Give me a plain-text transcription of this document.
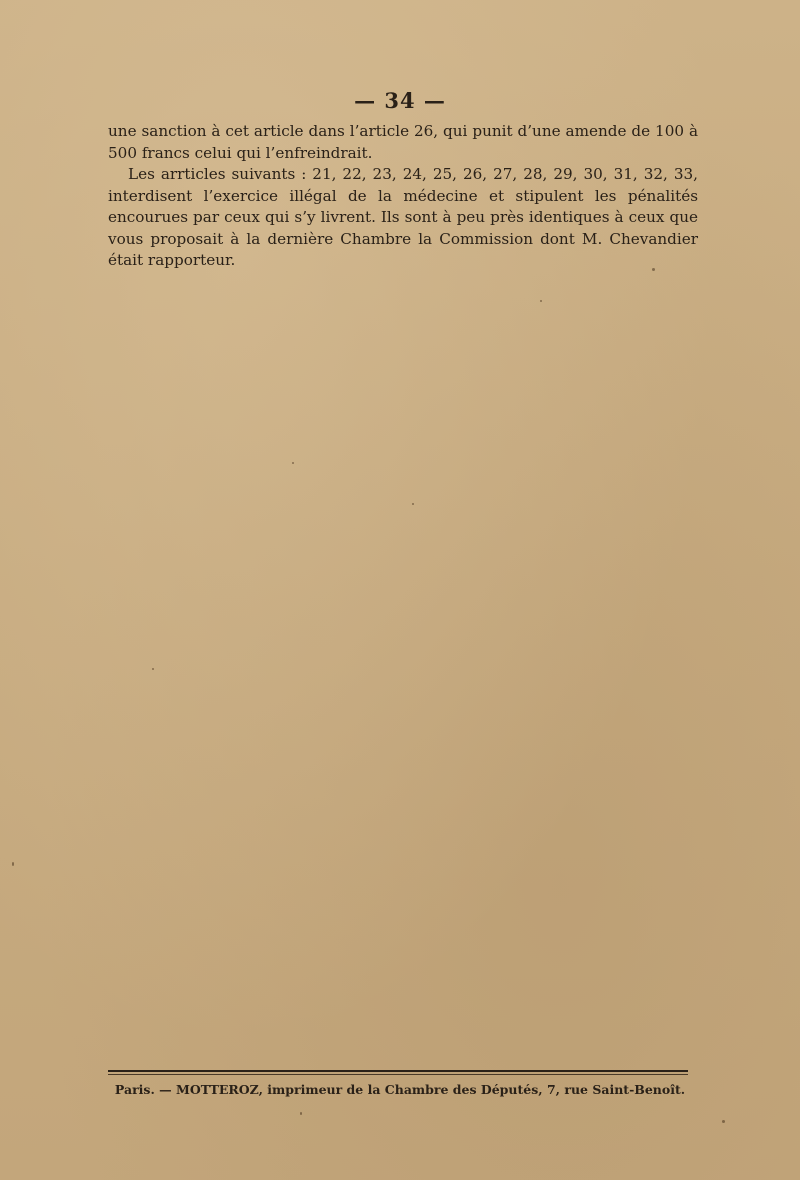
— 34 —

une sanction à cet article dans l’article 26, qui punit d’une amende de 100 à 500 francs celui qui l’enfreindrait.

Les arrticles suivants : 21, 22, 23, 24, 25, 26, 27, 28, 29, 30, 31, 32, 33, interdisent l’exercice illégal de la médecine et stipulent les pénalités encourues par ceux qui s’y livrent. Ils sont à peu près identiques à ceux que vous proposait à la dernière Chambre la Commission dont M. Chevandier était rapporteur.

Paris. — MOTTEROZ, imprimeur de la Chambre des Députés, 7, rue Saint-Benoît.
